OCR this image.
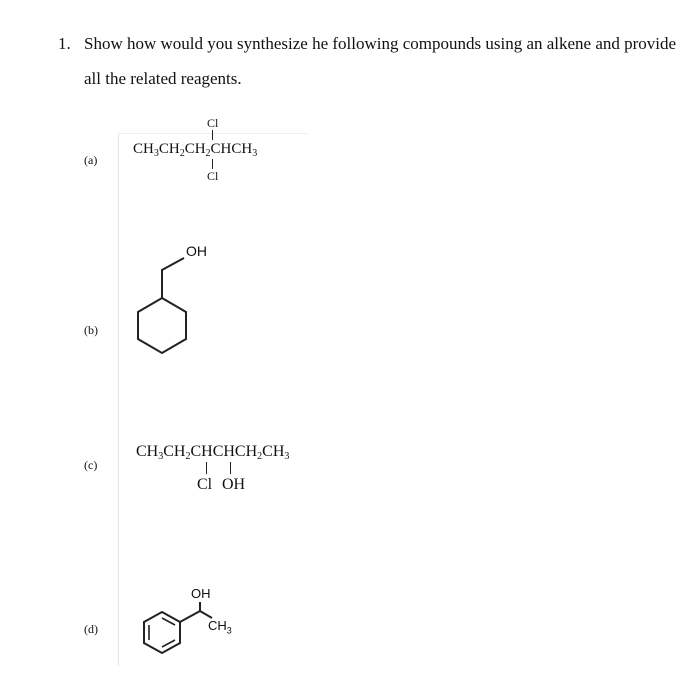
1. Show how would you synthesize he following compounds using an alkene and provide all the related reagents.
(a)
Cl
$CH_3CH_2CH_2CHCH_3$
Cl
(b)
OH
(c)
$CH_3CH_2CHCHCH_2CH_3$
Cl OH
(d)
OH
$CH_3$
